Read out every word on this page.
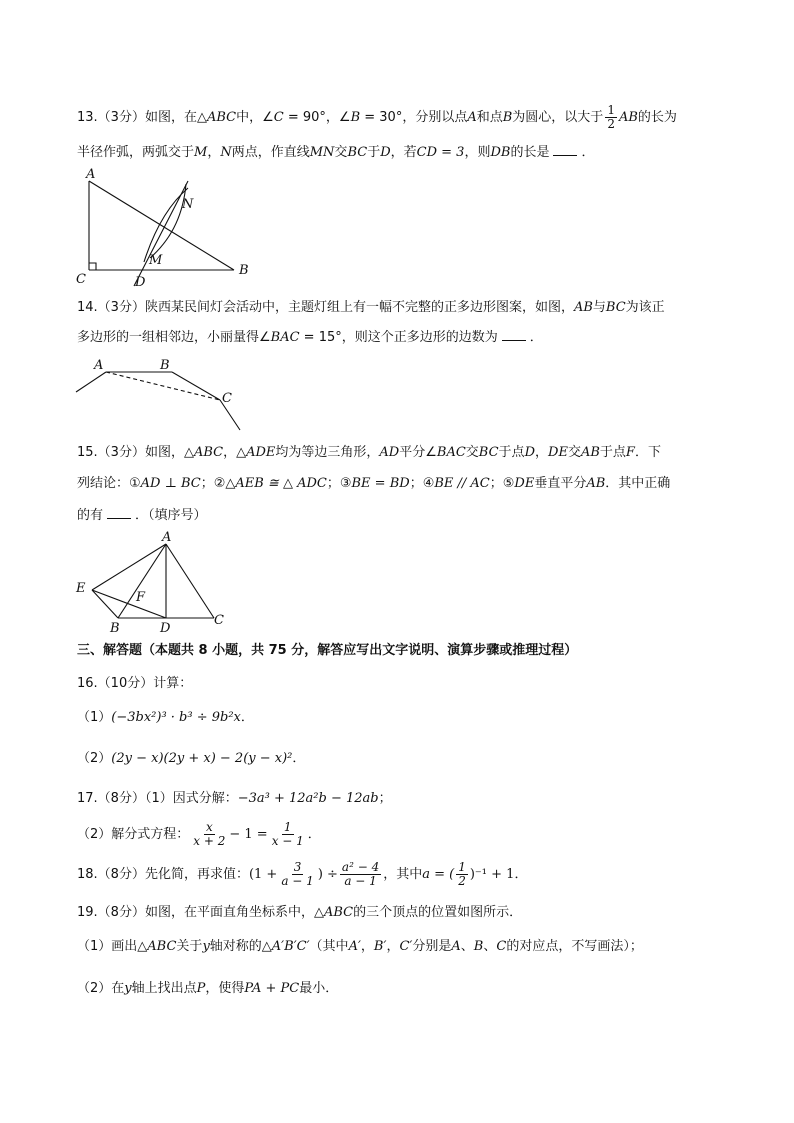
13.（3分）如图，在△ABC中，∠C = 90°，∠B = 30°，分别以点A和点B为圆心，以大于 $\frac{1}{2}$ AB的长为
半径作弧，两弧交于M，N两点，作直线MN交BC于D，若CD = 3，则DB的长是 ．
A
N
M
C	D
B
14.（3分）陕西某民间灯会活动中，主题灯组上有一幅不完整的正多边形图案，如图，AB与BC为该正
多边形的一组相邻边，小丽量得∠BAC = 15°，则这个正多边形的边数为 ．
A	B
C
15.（3分）如图，△ABC，△ADE均为等边三角形，AD平分∠BAC交BC于点D，DE交AB于点F．下
列结论：①AD ⊥ BC；②△AEB ≅ △ ADC；③BE = BD；④BE // AC；⑤DE垂直平分AB．其中正确
的有 ．（填序号）
A
E
F
B	D
C
三、解答题（本题共 8 小题，共 75 分，解答应写出文字说明、演算步骤或推理过程）
16.（10分）计算：
（1）(−3bx²)³ · b³ ÷ 9b²x．
（2）(2y − x)(2y + x) − 2(y − x)²．
17.（8分）（1）因式分解：−3a³ + 12a²b − 12ab；
（2）解分式方程： $\frac{x}{x + 2} - 1 = \frac{1}{x - 1}$ ．
18.（8分）先化简，再求值：($1 + \frac{3}{a - 1}$ ) ÷ $\frac{\text{a² − 4}}{a - 1}$ ，其中a = ( $\frac{1}{2} )^{-1} + 1$．
19.（8分）如图，在平面直角坐标系中，△ABC的三个顶点的位置如图所示．
（1）画出△ABC关于y轴对称的△A′B′C′（其中A′，B′，C′分别是A、B、C的对应点，不写画法）；
（2）在y轴上找出点P，使得PA + PC最小．
